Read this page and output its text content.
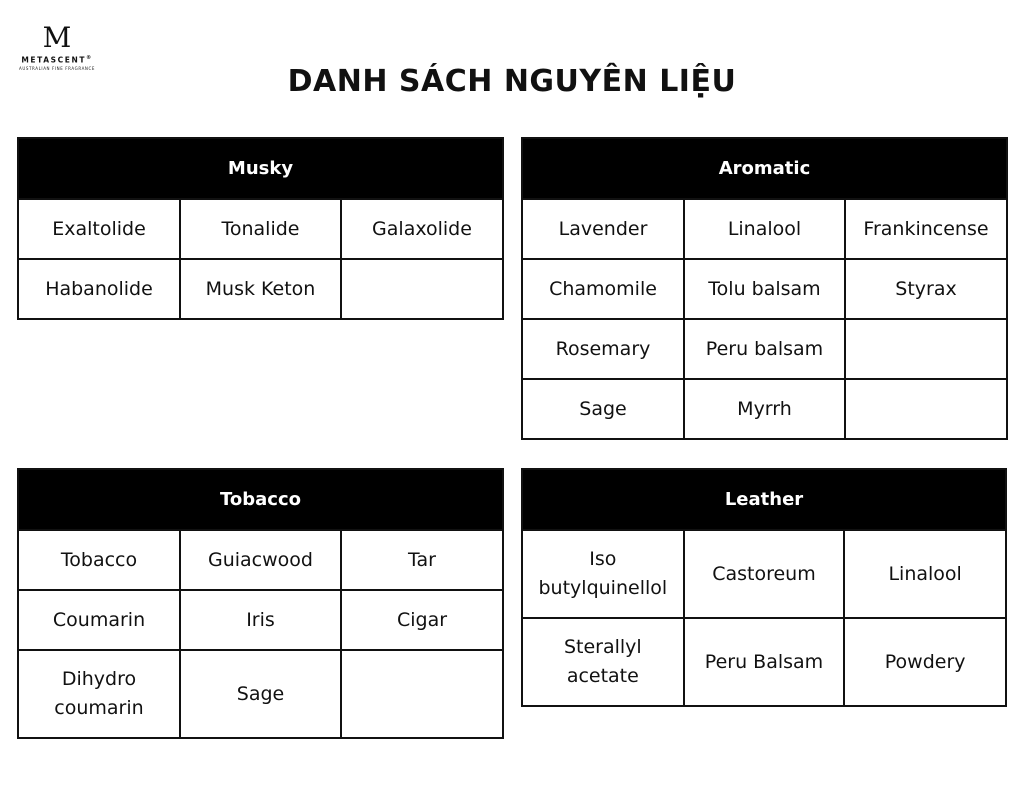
M
METASCENT®
AUSTRALIAN FINE FRAGRANCE	DANH SÁCH NGUYÊN LIỆU
Musky		
Exaltolide	Tonalide	Galaxolide
Habanolide	Musk Keton	
Aromatic		
Lavender	Linalool	Frankincense
Chamomile	Tolu balsam	Styrax
Rosemary	Peru balsam	
Sage	Myrrh	
Tobacco		
Tobacco	Guiacwood	Tar
Coumarin	Iris	Cigar
Dihydro coumarin	Sage	
Leather		
Iso butylquinellol	Castoreum	Linalool
Sterallyl acetate	Peru Balsam	Powdery
